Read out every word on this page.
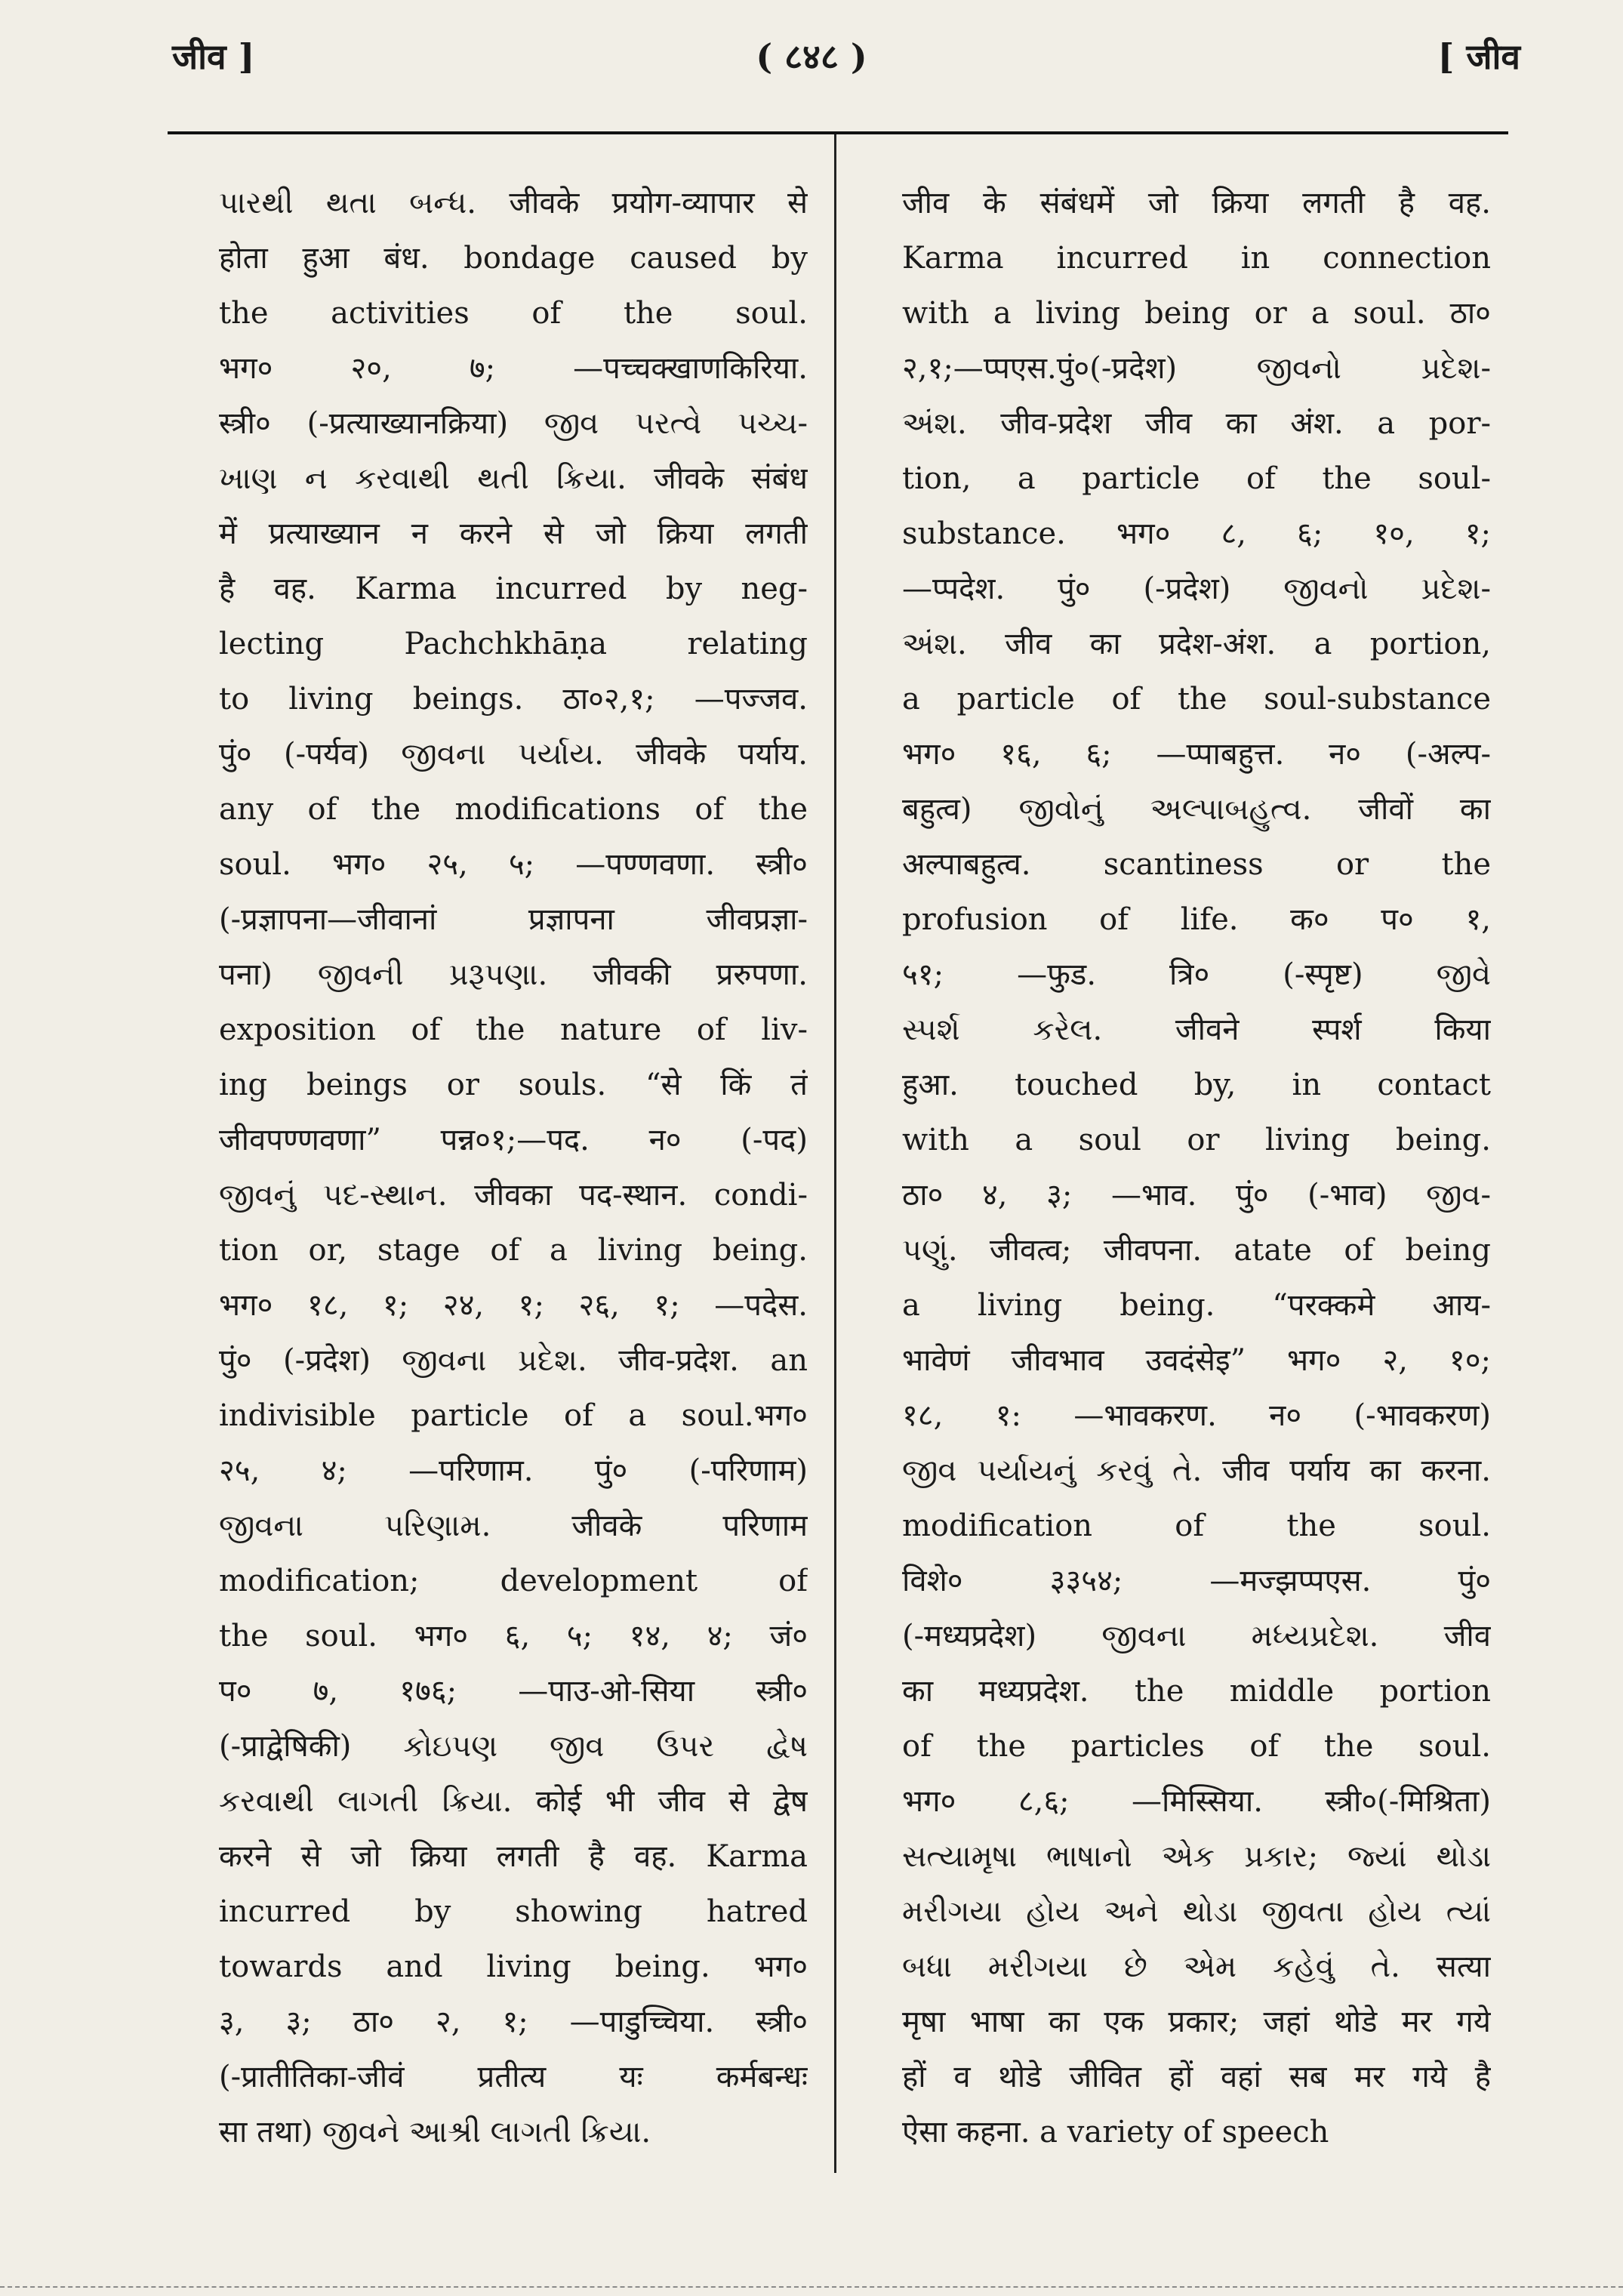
जीव ]	( ८४८ )	[ जीव
પારથી થતા બન્ધ. जीवके प्रयोग-व्यापार से
होता हुआ बंध. bondage caused by
the activities of the soul.
भग० २०, ७; —पच्चक्खाणकिरिया.
स्त्री० (-प्रत्याख्यानक्रिया) જીવ પરત્વે પચ્ચ-
ખાણ ન કરવાથી થતી ક્રિયા. जीवके संबंध
में प्रत्याख्यान न करने से जो क्रिया लगती
है वह. Karma incurred by neg-
lecting Pachchkhāṇa relating
to living beings. ठा०२,१; —पज्जव.
पुं० (-पर्यव) જીવના પર્યાય. जीवके पर्याय.
any of the modifications of the
soul. भग० २५, ५; —पण्णवणा. स्त्री०
(-प्रज्ञापना—जीवानां प्रज्ञापना जीवप्रज्ञा-
पना) જીવની પ્રરૂપણા. जीवकी प्ररुपणा.
exposition of the nature of liv-
ing beings or souls. “से किं तं
जीवपण्णवणा” पन्न०१;—पद. न० (-पद)
જીવનું પદ-સ્થાન. जीवका पद-स्थान. condi-
tion or, stage of a living being.
भग० १८, १; २४, १; २६, १; —पदेस.
पुं० (-प्रदेश) જીવના પ્રદેશ. जीव-प्रदेश. an
indivisible particle of a soul.भग०
२५, ४; —परिणाम. पुं० (-परिणाम)
જીવના પરિણામ. जीवके परिणाम
modification; development of
the soul. भग० ६, ५; १४, ४; जं०
प० ७, १७६; —पाउ-ओ-सिया स्त्री०
(-प्राद्वेषिकी) કોઇપણ જીવ ઉપર દ્વેષ
કરવાથી લાગતી ક્રિયા. कोई भी जीव से द्वेष
करने से जो क्रिया लगती है वह. Karma
incurred by showing hatred
towards and living being. भग०
३, ३; ठा० २, १; —पाडुच्चिया. स्त्री०
(-प्रातीतिका-जीवं प्रतीत्य यः कर्मबन्धः
सा तथा) જીવને આશ્રી લાગતી ક્રિયા.
जीव के संबंधमें जो क्रिया लगती है वह.
Karma incurred in connection
with a living being or a soul. ठा०
२,१;—प्पएस.पुं०(-प्रदेश) જીવનો પ્રદેશ-
અંશ. जीव-प्रदेश जीव का अंश. a por-
tion, a particle of the soul-
substance. भग० ८, ६; १०, १;
—प्पदेश. पुं० (-प्रदेश) જીવનો પ્રદેશ-
અંશ. जीव का प्रदेश-अंश. a portion,
a particle of the soul-substance
भग० १६, ६; —प्पाबहुत्त. न० (-अल्प-
बहुत्व) જીવોનું અલ્પાબહુત્વ. जीवों का
अल्पाबहुत्व. scantiness or the
profusion of life. क० प० १,
५१; —फुड. त्रि० (-स्पृष्ट) જીવે
સ્પર્શ કરેલ. जीवने स्पर्श किया
हुआ. touched by, in contact
with a soul or living being.
ठा० ४, ३; —भाव. पुं० (-भाव) જીવ-
પણું. जीवत्व; जीवपना. atate of being
a living being. “परक्कमे आय-
भावेणं जीवभाव उवदंसेइ” भग० २, १०;
१८, १: —भावकरण. न० (-भावकरण)
જીવ પર્યાયનું કરવું તે. जीव पर्याय का करना.
modification of the soul.
विशे० ३३५४; —मज्झप्पएस. पुं०
(-मध्यप्रदेश) જીવના મધ્યપ્રદેશ. जीव
का मध्यप्रदेश. the middle portion
of the particles of the soul.
भग० ८,६; —मिस्सिया. स्त्री०(-मिश्रिता)
સત્યામૃષા ભાષાનો એક પ્રકાર; જ્યાં થોડા
મરીગયા હોય અને થોડા જીવતા હોય ત્યાં
બધા મરીગયા છે એમ કહેવું તે. सत्या
मृषा भाषा का एक प्रकार; जहां थोडे मर गये
हों व थोडे जीवित हों वहां सब मर गये है
ऐसा कहना. a variety of speech
